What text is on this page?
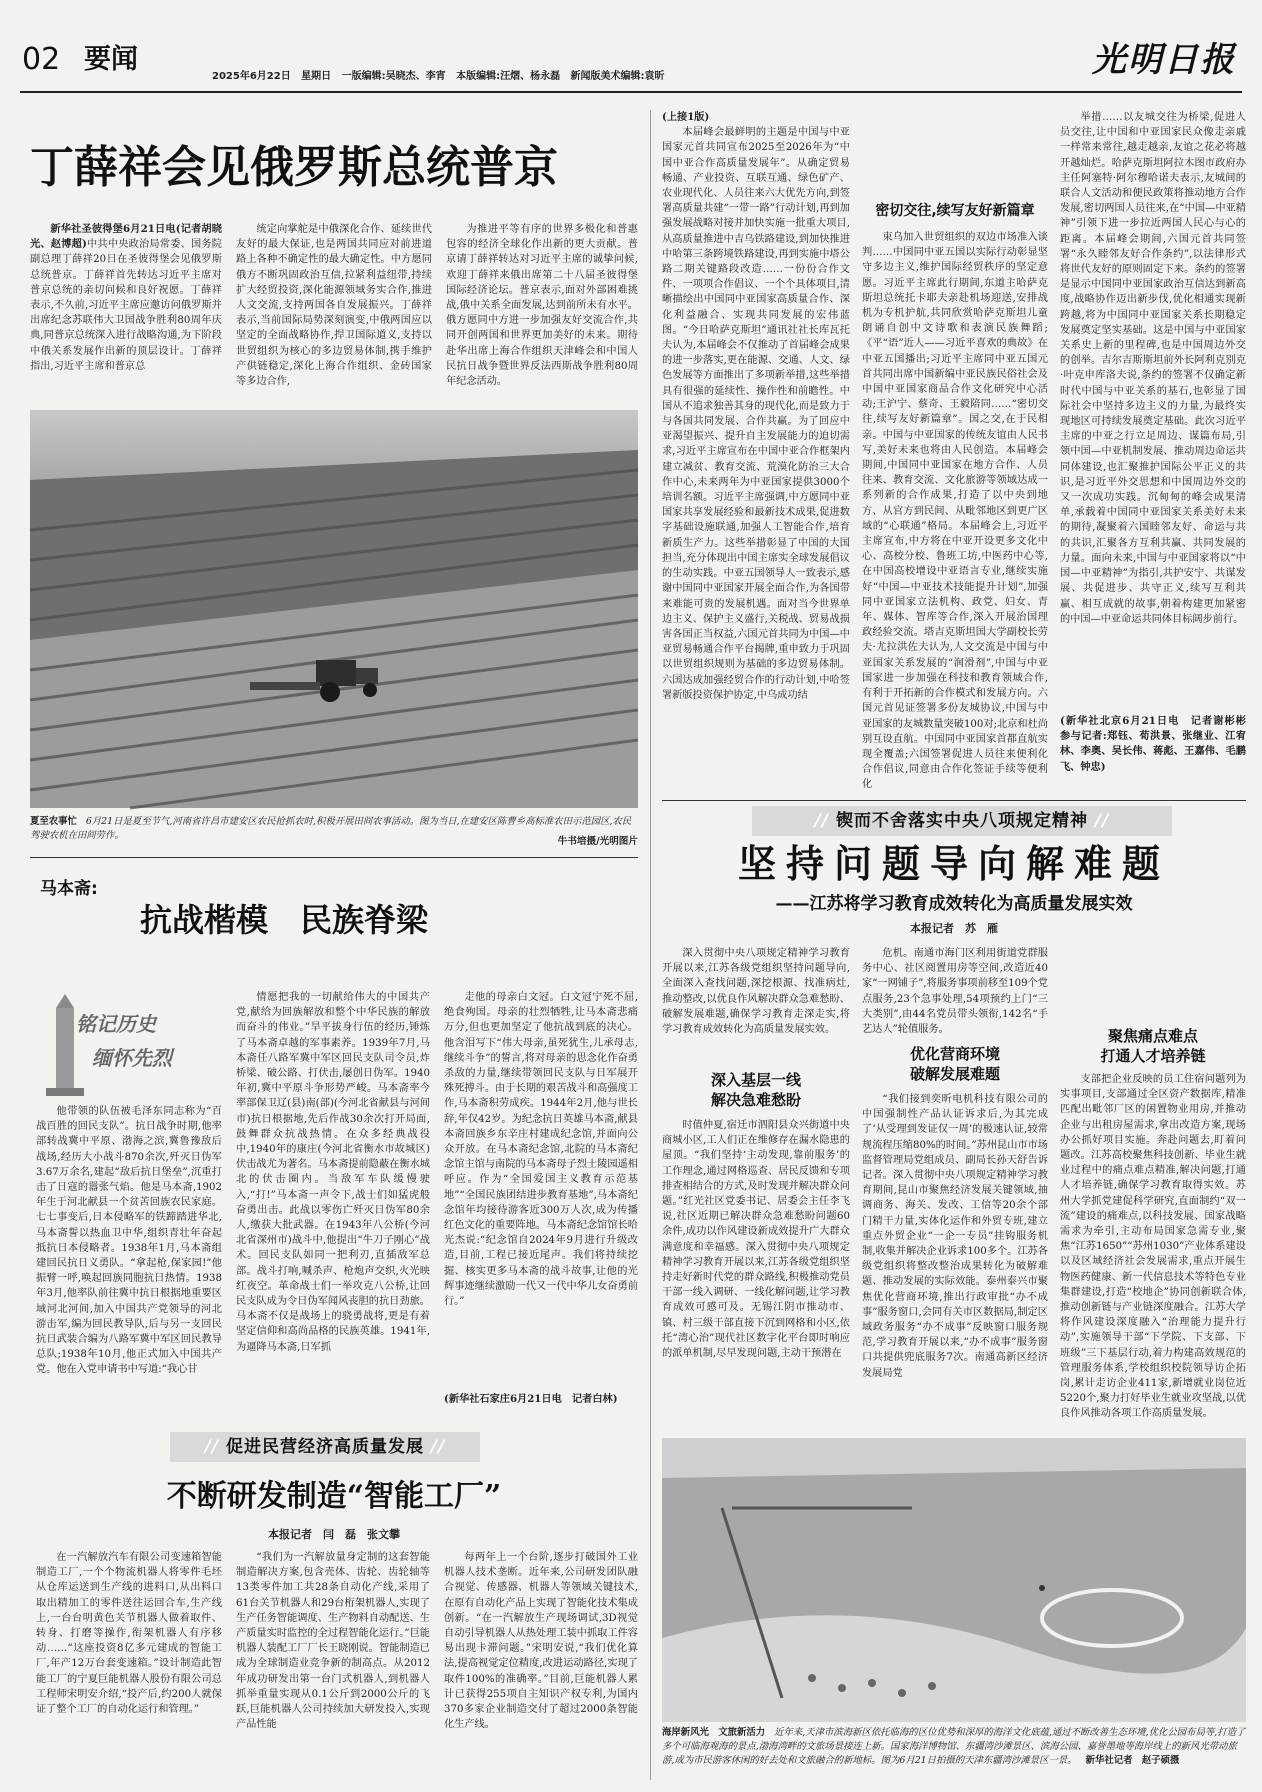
02 要闻
2025年6月22日 星期日 一版编辑:吴晓杰、李宵 本版编辑:汪熠、杨永磊 新闻版美术编辑:袁昕	光明日报
丁薛祥会见俄罗斯总统普京

新华社圣彼得堡6月21日电(记者胡晓光、赵博超)中共中央政治局常委、国务院副总理丁薛祥20日在圣彼得堡会见俄罗斯总统普京。丁薛祥首先转达习近平主席对普京总统的亲切问候和良好祝愿。丁薛祥表示,不久前,习近平主席应邀访问俄罗斯并出席纪念苏联伟大卫国战争胜利80周年庆典,同普京总统深入进行战略沟通,为下阶段中俄关系发展作出新的顶层设计。丁薛祥指出,习近平主席和普京总

统定向掌舵是中俄深化合作、延续世代友好的最大保证,也是两国共同应对前进道路上各种不确定性的最大确定性。中方愿同俄方不断巩固政治互信,拉紧利益纽带,持续扩大经贸投资,深化能源领域务实合作,推进人文交流,支持两国各自发展振兴。丁薛祥表示,当前国际局势深刻演变,中俄两国应以坚定的全面战略协作,捍卫国际道义,支持以世贸组织为核心的多边贸易体制,携手维护产供链稳定,深化上海合作组织、金砖国家等多边合作,

为推进平等有序的世界多极化和普惠包容的经济全球化作出新的更大贡献。普京请丁薛祥转达对习近平主席的诚挚问候,欢迎丁薛祥来俄出席第二十八届圣彼得堡国际经济论坛。普京表示,面对外部困难挑战,俄中关系全面发展,达到前所未有水平。俄方愿同中方进一步加强友好交流合作,共同开创两国和世界更加美好的未来。期待赴华出席上海合作组织天津峰会和中国人民抗日战争暨世界反法西斯战争胜利80周年纪念活动。

夏至农事忙 6月21日是夏至节气,河南省许昌市建安区农民抢抓农时,积极开展田间农事活动。图为当日,在建安区陈曹乡高标准农田示范园区,农民驾驶农机在田间劳作。
牛书培摄/光明图片
马本斋:
抗战楷模　民族脊梁
铭记历史
缅怀先烈

他带领的队伍被毛泽东同志称为“百战百胜的回民支队”。抗日战争时期,他率部转战冀中平原、渤海之滨,冀鲁豫敌后战场,经历大小战斗870余次,歼灭日伪军3.67万余名,建起“敌后抗日堡垒”,沉重打击了日寇的嚣张气焰。他是马本斋,1902年生于河北献县一个贫苦回族农民家庭。七七事变后,日本侵略军的铁蹄踏进华北,马本斋誓以热血卫中华,组织青壮年奋起抵抗日本侵略者。1938年1月,马本斋组建回民抗日义勇队。“拿起枪,保家园!”他振臂一呼,唤起回族同胞抗日热情。1938年3月,他率队前往冀中抗日根据地重要区域河北河间,加入中国共产党领导的河北游击军,编为回民教导队,后与另一支回民抗日武装合编为八路军冀中军区回民教导总队;1938年10月,他正式加入中国共产党。他在入党申请书中写道:“我心甘

情愿把我的一切献给伟大的中国共产党,献给为回族解放和整个中华民族的解放而奋斗的伟业。”旱平拔身行伍的经历,锤炼了马本斋卓越的军事素养。1939年7月,马本斋任八路军冀中军区回民支队司令员,炸桥梁、破公路、打伏击,屡创日伪军。1940年初,冀中平原斗争形势严峻。马本斋率今率部保卫辽(县)南(部)(今河北省献县与河间市)抗日根据地,先后作战30余次打开局面,鼓舞群众抗战热情。在众多经典战役中,1940年的康庄(今河北省衡水市故城区)伏击战尤为著名。马本斋提前隐蔽在衡水城北的伏击圈内。当敌军车队缓慢驶入,“打!”马本斋一声令下,战士们如猛虎般奋勇出击。此战以零伤亡歼灭日伪军80余人,缴获大批武器。在1943年八公桥(今河北省深州市)战斗中,他提出“牛刀子刚心”战术。回民支队如同一把利刃,直插敌军总部。战斗打响,喊杀声、枪炮声交织,火光映红夜空。革命战士们一举攻克八公桥,让回民支队成为令日伪军闻风丧胆的抗日劲旅。马本斋不仅是战场上的骁勇战将,更是有着坚定信仰和高尚品格的民族英雄。1941年,为逼降马本斋,日军抓

走他的母亲白文冠。白文冠宁死不屈,绝食殉国。母亲的壮烈牺牲,让马本斋悲痛万分,但也更加坚定了他抗战到底的决心。他含泪写下“伟大母亲,虽死犹生,儿承母志,继续斗争”的誓言,将对母亲的思念化作奋勇杀敌的力量,继续带领回民支队与日军展开殊死搏斗。由于长期的艰苦战斗和高强度工作,马本斋积劳成疾。1944年2月,他与世长辞,年仅42岁。为纪念抗日英雄马本斋,献县本斋回族乡东辛庄村建成纪念馆,并面向公众开放。在马本斋纪念馆,北院的马本斋纪念馆主馆与南院的马本斋母子烈士陵园遥相呼应。作为“全国爱国主义教育示范基地”“全国民族团结进步教育基地”,马本斋纪念馆年均接待游客近300万人次,成为传播红色文化的重要阵地。马本斋纪念馆馆长哈光杰说:“纪念馆自2024年9月进行升级改造,目前,工程已接近尾声。我们将持续挖掘、核实更多马本斋的战斗故事,让他的光辉事迹继续激励一代又一代中华儿女奋勇前行。”

(新华社石家庄6月21日电　记者白林)

// 促进民营经济高质量发展 //
不断研发制造“智能工厂”
本报记者　闫　磊　张文攀

在一汽解放汽车有限公司变速箱智能制造工厂,一个个物流机器人将零件毛坯从仓库运送到生产线的进料口,从出料口取出精加工的零件送往运回合车,生产线上,一台台明黄色关节机器人做着取件、转身、打磨等操作,衔架机器人有序移动……“这座投资8亿多元建成的智能工厂,年产12万台套变速箱。”设计制造此智能工厂的宁夏巨能机器人股份有限公司总工程师宋明安介绍,“投产后,约200人就保证了整个工厂的自动化运行和管理。”

“我们为一汽解放量身定制的这套智能制造解决方案,包含壳体、齿轮、齿轮轴等13类零件加工共28条自动化产线,采用了61台关节机器人和29台桁架机器人,实现了生产任务智能调度、生产物料自动配送、生产质量实时监控的全过程智能化运行。”巨能机器人装配工厂厂长王晓刚说。智能制造已成为全球制造业竞争新的制高点。从2012年成功研发出第一台门式机器人,到机器人抓举重量实现从0.1公斤到2000公斤的飞跃,巨能机器人公司持续加大研发投入,实现产品性能

每两年上一个台阶,逐步打破国外工业机器人技术垄断。近年来,公司研发团队融合视觉、传感器、机器人等领域关键技术,在原有自动化产品上实现了智能化技术集成创新。“在一汽解放生产现场调试,3D视觉自动引导机器人从热处理工装中抓取工件容易出现卡滞问题。”宋明安说,“我们优化算法,提高视觉定位精度,改进运动路径,实现了取件100%的准确率。”目前,巨能机器人累计已获得255项自主知识产权专利,为国内370多家企业制造交付了超过2000条智能化生产线。

(上接1版)

本届峰会最鲜明的主题是中国与中亚国家元首共同宣布2025至2026年为“中国中亚合作高质量发展年”。从确定贸易畅通、产业投资、互联互通、绿色矿产、农业现代化、人员往来六大优先方向,到签署高质量共建“一带一路”行动计划,再到加强发展战略对接并加快实施一批重大项目,从高质量推进中吉乌铁路建设,到加快推进中哈第三条跨境铁路建设,再到实施中塔公路二期关键路段改造……一份份合作文件、一项项合作倡议、一个个具体项目,清晰描绘出中国同中亚国家高质量合作、深化利益融合、实现共同发展的宏伟蓝图。“今日哈萨克斯坦”通讯社社长库瓦托夫认为,本届峰会不仅推动了首届峰会成果的进一步落实,更在能源、交通、人文、绿色发展等方面推出了多项新举措,这些举措具有很强的延续性、操作性和前瞻性。中国从不追求独善其身的现代化,而是致力于与各国共同发展、合作共赢。为了回应中亚渴望振兴、提升自主发展能力的迫切需求,习近平主席宣布在中国中亚合作框架内建立减贫、教育交流、荒漠化防治三大合作中心,未来两年为中亚国家提供3000个培训名额。习近平主席强调,中方愿同中亚国家共享发展经验和最新技术成果,促进数字基础设施联通,加强人工智能合作,培育新质生产力。这些举措彰显了中国的大国担当,充分体现出中国主席实全球发展倡议的生动实践。中亚五国领导人一致表示,感谢中国同中亚国家开展全面合作,为各国带来难能可贵的发展机遇。面对当今世界单边主义、保护主义盛行,关税战、贸易战损害各国正当权益,六国元首共同为中国—中亚贸易畅通合作平台揭牌,重申致力于巩固以世贸组织规则为基础的多边贸易体制。六国达成加强经贸合作的行动计划,中哈签署新版投资保护协定,中乌成功结

密切交往,续写友好新篇章

束乌加入世贸组织的双边市场准入谈判……中国同中亚五国以实际行动彰显坚守多边主义,维护国际经贸秩序的坚定意愿。习近平主席此行期间,东道主哈萨克斯坦总统托卡耶夫亲赴机场迎送,安排战机为专机护航,共同欣赏哈萨克斯坦儿童朗诵自创中文诗歌和表演民族舞蹈;《平“语”近人——习近平喜欢的典故》在中亚五国播出;习近平主席同中亚五国元首共同出席中国新编中亚民族民俗社会及中国中亚国家商品合作文化研究中心活动;王沪宁、蔡奇、王毅陪同……“密切交往,续写友好新篇章”。国之交,在于民相亲。中国与中亚国家的传统友谊由人民书写,美好未来也将由人民创造。本届峰会期间,中国同中亚国家在地方合作、人员往来、教育交流、文化旅游等领域达成一系列新的合作成果,打造了以中央到地方、从官方到民间、从毗邻地区到更广区域的“心联通”格局。本届峰会上,习近平主席宣布,中方将在中亚开设更多文化中心、高校分校、鲁班工坊,中医药中心等,在中国高校增设中亚语言专业,继续实施好“中国—中亚技术技能提升计划”,加强同中亚国家立法机构、政党、妇女、青年、媒体、智库等合作,深入开展治国理政经验交流。塔吉克斯坦国大学副校长劳夫·尤拉洪佐夫认为,人文交流是中国与中亚国家关系发展的“润滑剂”,中国与中亚国家进一步加强在科技和教育领域合作,有利于开拓新的合作模式和发展方向。六国元首见证签署多份友城协议,中国与中亚国家的友城数量突破100对;北京和杜尚别互设直航。中国同中亚国家首都直航实现全覆盖;六国签署促进人员往来便利化合作倡议,同意由合作化签证手续等便利化

举措……以友城交往为桥梁,促进人员交往,让中国和中亚国家民众像走亲戚一样常来常往,越走越亲,友谊之花必将越开越灿烂。哈萨克斯坦阿拉木图市政府办主任阿塞特·阿尔穆哈诺夫表示,友城间的联合人文活动和便民政策将推动地方合作发展,密切两国人员往来,在“中国—中亚精神”引领下进一步拉近两国人民心与心的距离。本届峰会期间,六国元首共同签署“永久睦邻友好合作条约”,以法律形式将世代友好的原则固定下来。条约的签署是显示中国同中亚国家政治互信达到新高度,战略协作迈出新步伐,优化相通实现新跨越,将为中国同中亚国家关系长期稳定发展奠定坚实基础。这是中国与中亚国家关系史上新的里程碑,也是中国周边外交的创举。吉尔吉斯斯坦前外长阿利克别克·叶克申库洛夫说,条约的签署不仅确定新时代中国与中亚关系的基石,也彰显了国际社会中坚持多边主义的力量,为最终实现地区可持续发展奠定基础。此次习近平主席的中亚之行立足周边、谋篇布局,引领中国—中亚机制发展、推动周边命运共同体建设,也汇聚推护国际公平正义的共识,是习近平外交思想和中国周边外交的又一次成功实践。沉甸甸的峰会成果清单,承载着中国同中亚国家关系美好未来的期待,凝聚着六国睦邻友好、命运与共的共识,汇聚各方互利共赢、共同发展的力量。面向未来,中国与中亚国家将以“中国—中亚精神”为指引,共护安宁、共谋发展、共促进步、共守正义,续写互利共赢、相互成就的故事,朝着构建更加紧密的中国—中亚命运共同体目标阔步前行。

(新华社北京6月21日电　记者谢彬彬　参与记者:郑钰、荀洪景、张继业、江宥林、李奥、吴长伟、蒋彪、王嘉伟、毛鹏飞、钟忠)

// 锲而不舍落实中央八项规定精神 //
坚持问题导向解难题
——江苏将学习教育成效转化为高质量发展实效
本报记者　苏　雁

深入贯彻中央八项规定精神学习教育开展以来,江苏各级党组织坚持问题导向,全面深入查找问题,深挖根源、找准病灶,推动整改,以优良作风解决群众急难愁盼、破解发展难题,确保学习教育走深走实,将学习教育成效转化为高质量发展实效。

深入基层一线
解决急难愁盼

时值仲夏,宿迁市泗阳县众兴街道中央商城小区,工人们正在维修存在漏水隐患的屋顶。“我们坚持‘主动发现,靠前服务’的工作理念,通过网格巡查、居民反馈和专项排查相结合的方式,及时发现并解决群众问题。”红光社区党委书记、居委会主任李飞说,社区近期已解决群众急难愁盼问题60余件,成功以作风建设新成效提升广大群众满意度和幸福感。深入贯彻中央八项规定精神学习教育开展以来,江苏各级党组织坚持走好新时代党的群众路线,积极推动党员干部一线入调研、一线化解问题,让学习教育成效可感可及。无锡江阴市推动市、镇、村三级干部直接下沉到网格和小区,依托“湾心治”现代社区数字化平台即时响应的派单机制,尽早发现问题,主动干预潜在

危机。南通市海门区利用街道党群服务中心、社区阅置用房等空间,改造近40家“一网铺子”,将服务事项前移至109个党点服务,23个急事处理,54项预约上门“三大类别”,由44名党员带头领衔,142名“手艺达人”轮值服务。

优化营商环境
破解发展难题

“我们接到奕昕电机科技有限公司的中国强制性产品认证诉求后,为其完成了‘从受理到发证仅一周’的极速认证,较常规流程压缩80%的时间。”苏州昆山市市场监督管理局党组成员、副局长孙天舒告诉记者。深入贯彻中央八项规定精神学习教育期间,昆山市聚焦经济发展关键领域,抽调商务、海关、发改、工信等20余个部门精干力量,实体化运作和外贸专班,建立重点外贸企业“一企一专员”挂钩服务机制,收集并解决企业诉求100多个。江苏各级党组织将整改整治成果转化为破解难题、推动发展的实际效能。泰州泰兴市聚焦优化营商环境,推出行政审批“办不成事”服务窗口,会同有关市区数据局,制定区域政务服务“办不成事”反映窗口服务规范,学习教育开展以来,“办不成事”服务窗口共提供兜底服务7次。南通高新区经济发展局党

聚焦痛点难点
打通人才培养链

支部把企业反映的员工住宿问题列为实事项目,支部通过全区资产数据库,精准匹配出毗邻厂区的闲置物业用房,并推动企业与出租房屋需求,拿出改造方案,现场办公抓好项目实施。奔赴问题去,盯着问题改。江苏高校聚焦科技创新、毕业生就业过程中的痛点难点精准,解决问题,打通人才培养链,确保学习教育取得实效。苏州大学抓党建促科学研究,直面制约“双一流”建设的痛难点,以科技发展、国家战略需求为牵引,主动布局国家急需专业,聚焦“江苏1650”“苏州1030”产业体系建设以及区域经济社会发展需求,重点开展生物医药健康、新一代信息技术等特色专业集群建设,打造“校地企”协同创新联合体,推动创新链与产业链深度融合。江苏大学将作风建设深度融入“治理能力提升行动”,实施领导干部“下学院、下支部、下班级”三下基层行动,着力构建高效规范的管理服务体系,学校组织校院领导访企拓岗,累计走访企业411家,新增就业岗位近5220个,聚力打好毕业生就业攻坚战,以优良作风推动各项工作高质量发展。

海岸新风光　文旅新活力 近年来,天津市滨海新区依托临海的区位优势和深厚的海洋文化底蕴,通过不断改善生态环境,优化公园布局等,打造了多个可临海观海的景点,渤海湾畔的文旅场景接连上新。国家海洋博物馆、东疆湾沙滩景区、滨海公园、嘉誉墨地等海岸线上的新风光带动旅游,成为市民游客休闲的好去处和文旅融合的新地标。图为6月21日拍摄的天津东疆湾沙滩景区一景。 新华社记者　赵子硕摄
